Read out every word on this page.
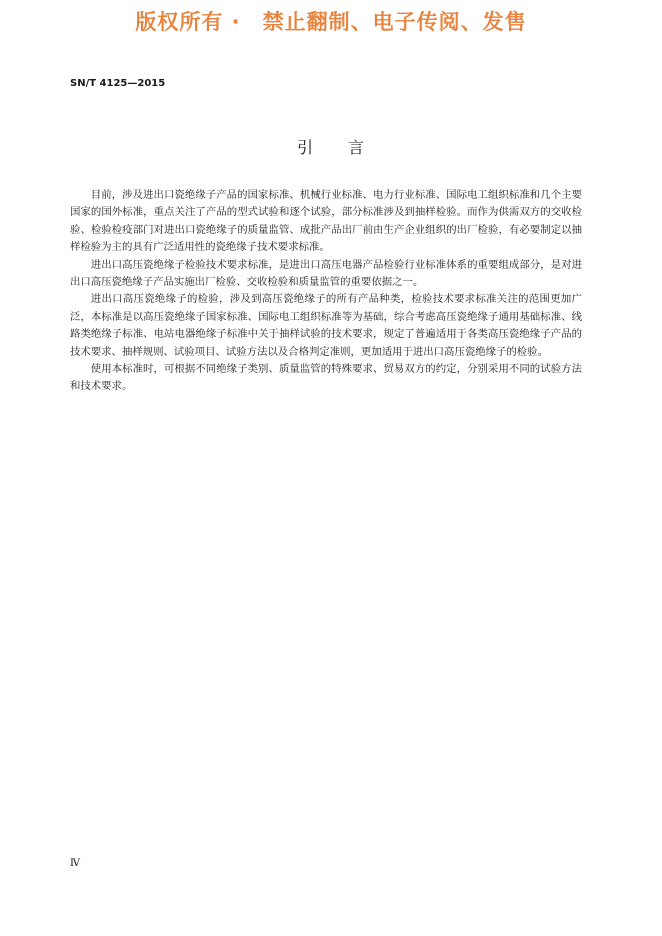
版权所有 ·　禁止翻制、电子传阅、发售
SN/T 4125—2015
引 言

目前，涉及进出口瓷绝缘子产品的国家标准、机械行业标准、电力行业标准、国际电工组织标准和几个主要国家的国外标准，重点关注了产品的型式试验和逐个试验，部分标准涉及到抽样检验。而作为供需双方的交收检验、检验检疫部门对进出口瓷绝缘子的质量监管、成批产品出厂前由生产企业组织的出厂检验，有必要制定以抽样检验为主的具有广泛适用性的瓷绝缘子技术要求标准。

进出口高压瓷绝缘子检验技术要求标准，是进出口高压电器产品检验行业标准体系的重要组成部分，是对进出口高压瓷绝缘子产品实施出厂检验、交收检验和质量监管的重要依据之一。

进出口高压瓷绝缘子的检验，涉及到高压瓷绝缘子的所有产品种类，检验技术要求标准关注的范围更加广泛，本标准是以高压瓷绝缘子国家标准、国际电工组织标准等为基础，综合考虑高压瓷绝缘子通用基础标准、线路类绝缘子标准、电站电器绝缘子标准中关于抽样试验的技术要求，规定了普遍适用于各类高压瓷绝缘子产品的技术要求、抽样规则、试验项目、试验方法以及合格判定准则，更加适用于进出口高压瓷绝缘子的检验。

使用本标准时，可根据不同绝缘子类别、质量监管的特殊要求、贸易双方的约定，分别采用不同的试验方法和技术要求。

Ⅳ
